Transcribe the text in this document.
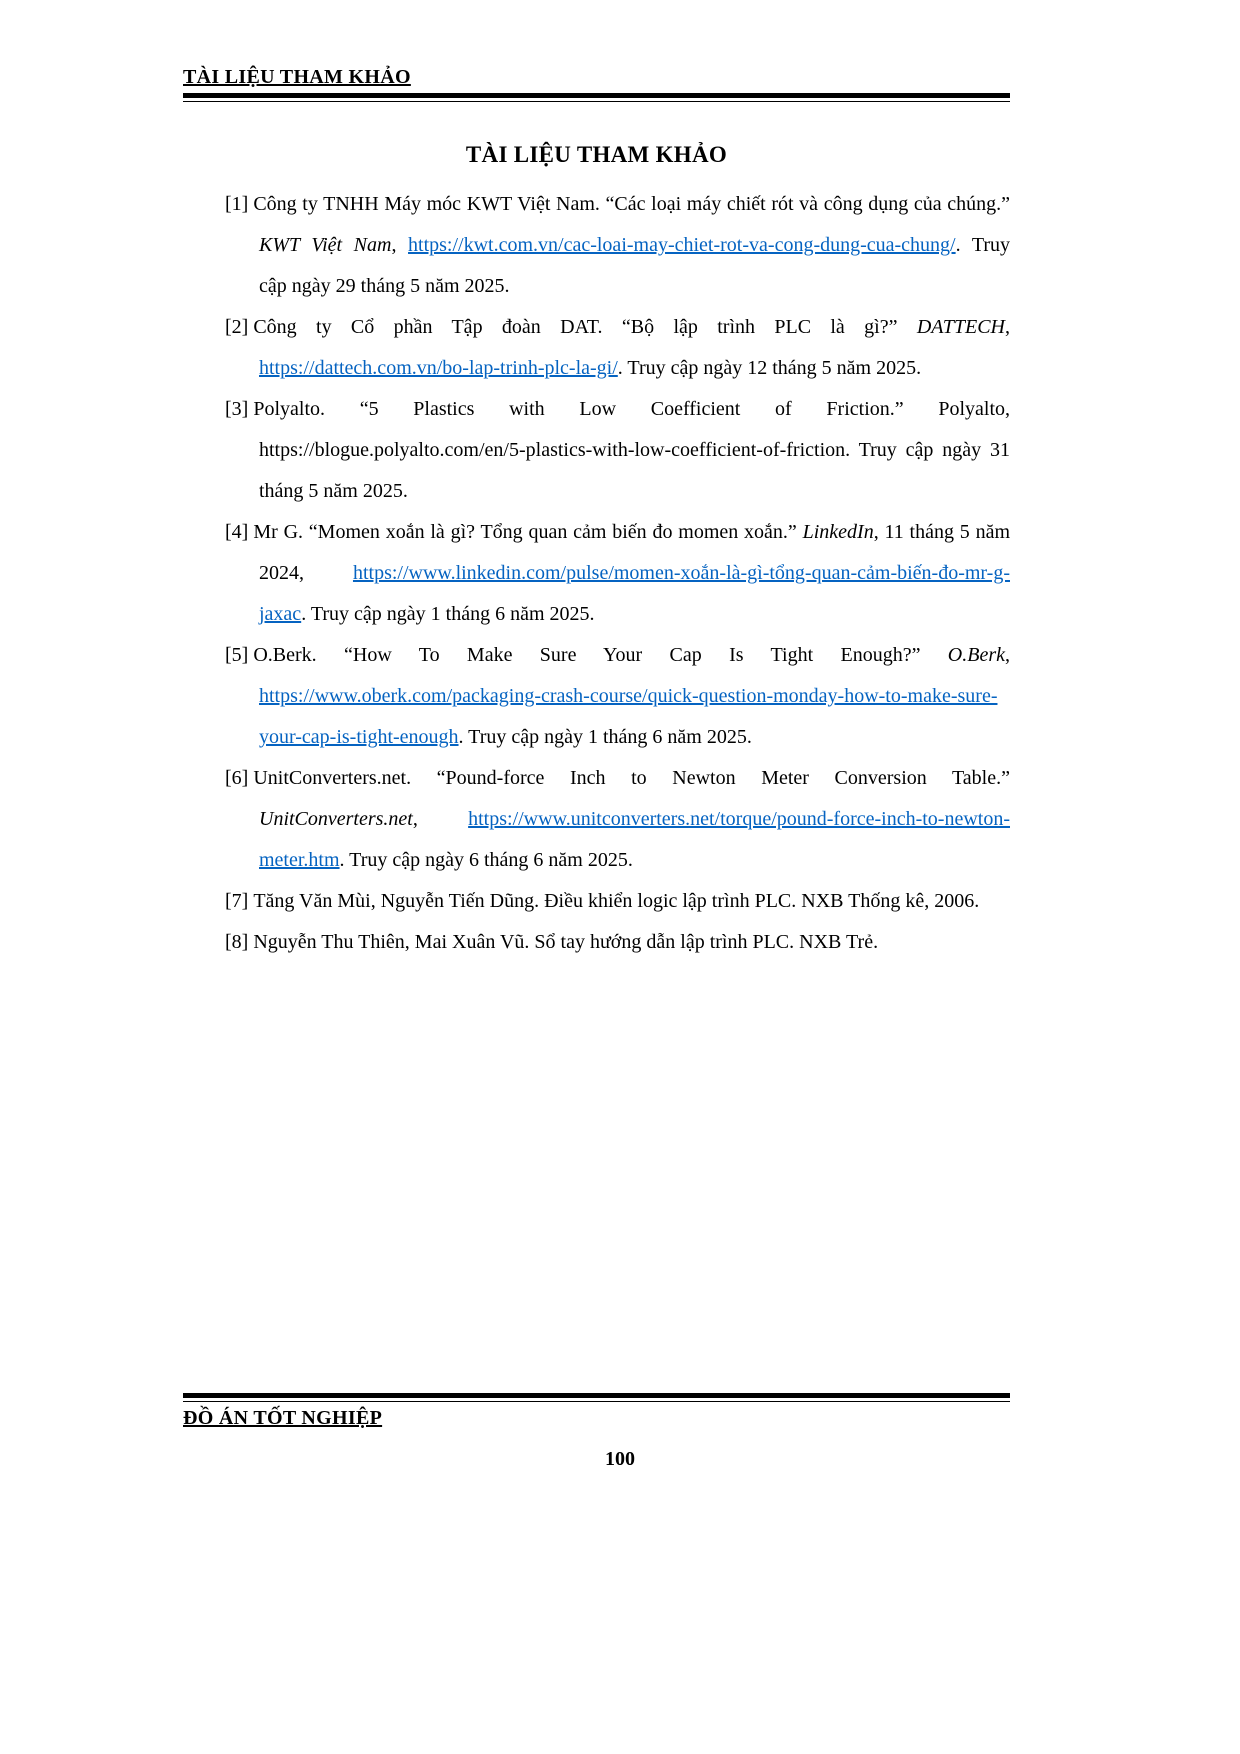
TÀI LIỆU THAM KHẢO
TÀI LIỆU THAM KHẢO

[1] Công ty TNHH Máy móc KWT Việt Nam. “Các loại máy chiết rót và công dụng của chúng.” KWT Việt Nam, https://kwt.com.vn/cac-loai-may-chiet-rot-va-cong-dung-cua-chung/. Truy cập ngày 29 tháng 5 năm 2025.

[2] Công ty Cổ phần Tập đoàn DAT. “Bộ lập trình PLC là gì?” DATTECH, https://dattech.com.vn/bo-lap-trinh-plc-la-gi/. Truy cập ngày 12 tháng 5 năm 2025.

[3] Polyalto. “5 Plastics with Low Coefficient of Friction.” Polyalto, https://blogue.polyalto.com/en/5-plastics-with-low-coefficient-of-friction. Truy cập ngày 31 tháng 5 năm 2025.

[4] Mr G. “Momen xoắn là gì? Tổng quan cảm biến đo momen xoắn.” LinkedIn, 11 tháng 5 năm 2024, https://www.linkedin.com/pulse/momen-xoắn-là-gì-tổng-quan-cảm-biến-đo-mr-g-jaxac. Truy cập ngày 1 tháng 6 năm 2025.

[5] O.Berk. “How To Make Sure Your Cap Is Tight Enough?” O.Berk, https://www.oberk.com/packaging-crash-course/quick-question-monday-how-to-make-sure-your-cap-is-tight-enough. Truy cập ngày 1 tháng 6 năm 2025.

[6] UnitConverters.net. “Pound-force Inch to Newton Meter Conversion Table.” UnitConverters.net, https://www.unitconverters.net/torque/pound-force-inch-to-newton-meter.htm. Truy cập ngày 6 tháng 6 năm 2025.

[7] Tăng Văn Mùi, Nguyễn Tiến Dũng. Điều khiển logic lập trình PLC. NXB Thống kê, 2006.

[8] Nguyễn Thu Thiên, Mai Xuân Vũ. Sổ tay hướng dẫn lập trình PLC. NXB Trẻ.

ĐỒ ÁN TỐT NGHIỆP
100
